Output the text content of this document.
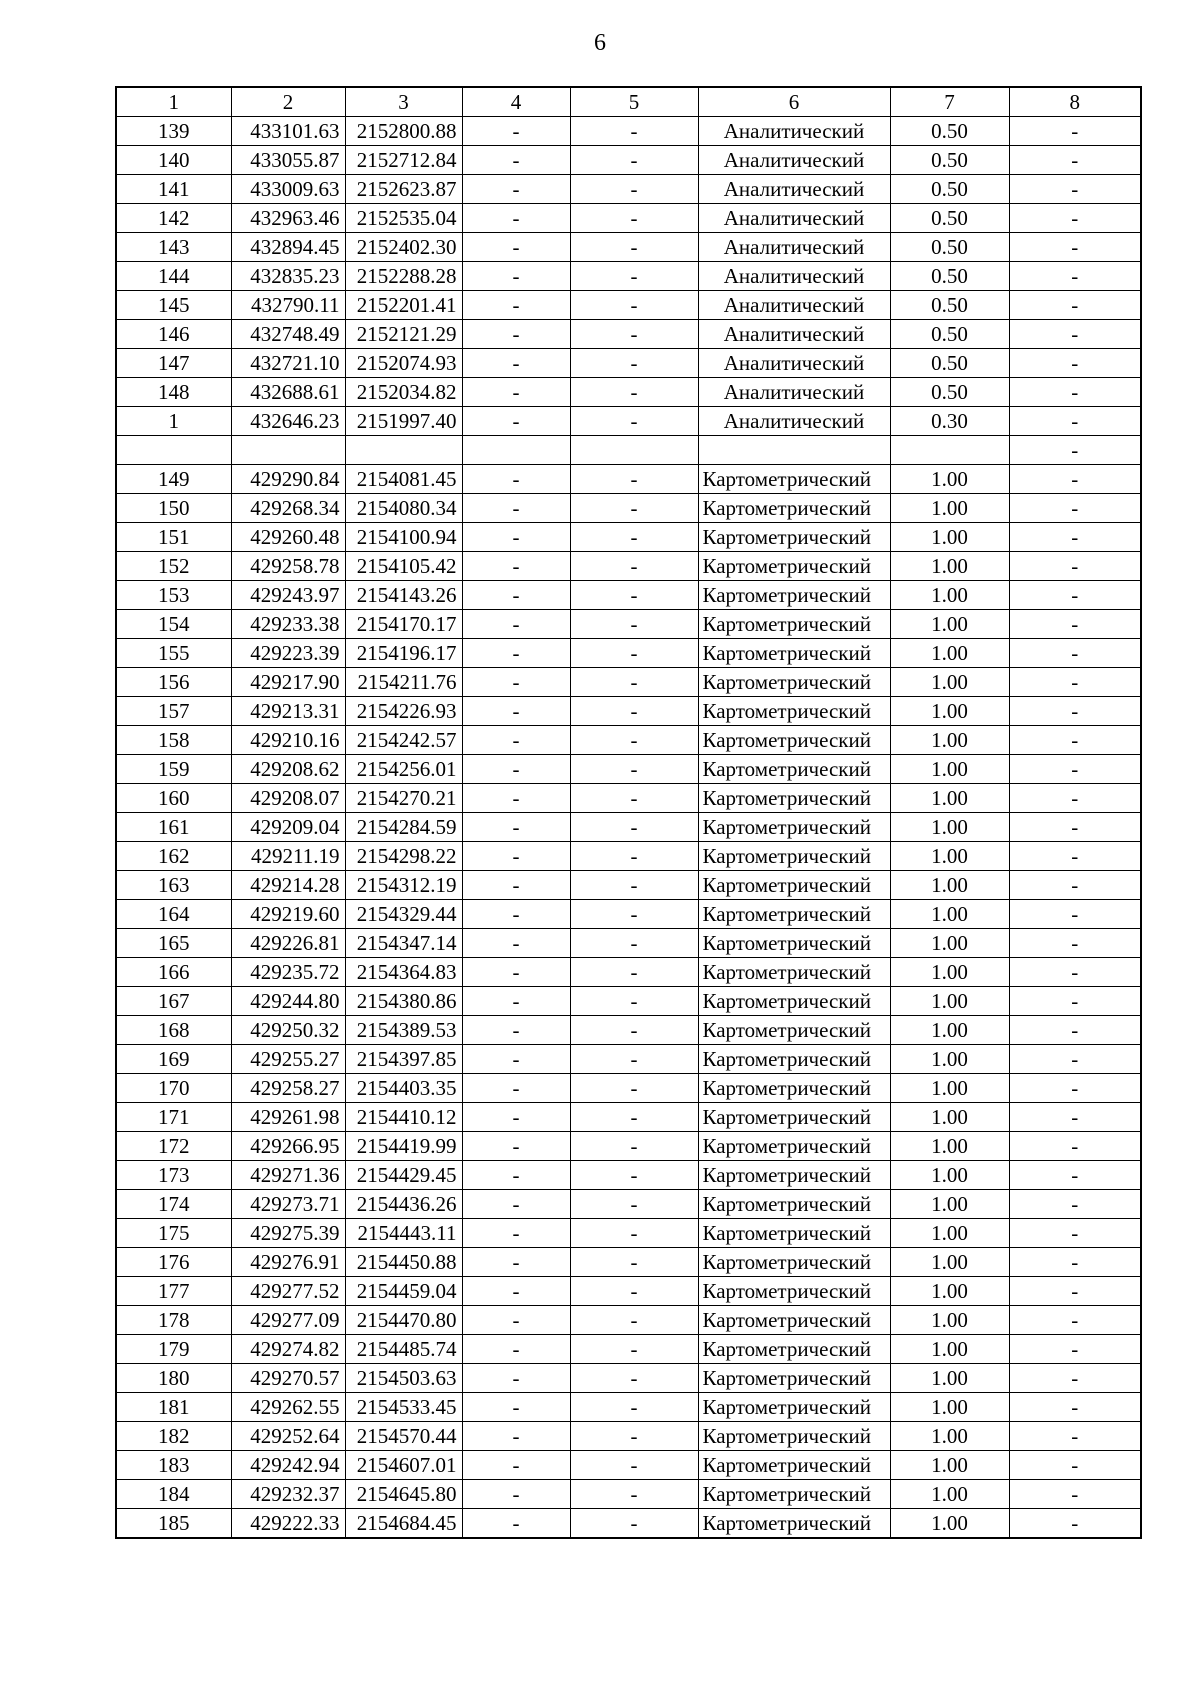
6
1	2	3	4	5	6	7	8
139	433101.63	2152800.88	-	-	Аналитический	0.50	-
140	433055.87	2152712.84	-	-	Аналитический	0.50	-
141	433009.63	2152623.87	-	-	Аналитический	0.50	-
142	432963.46	2152535.04	-	-	Аналитический	0.50	-
143	432894.45	2152402.30	-	-	Аналитический	0.50	-
144	432835.23	2152288.28	-	-	Аналитический	0.50	-
145	432790.11	2152201.41	-	-	Аналитический	0.50	-
146	432748.49	2152121.29	-	-	Аналитический	0.50	-
147	432721.10	2152074.93	-	-	Аналитический	0.50	-
148	432688.61	2152034.82	-	-	Аналитический	0.50	-
1	432646.23	2151997.40	-	-	Аналитический	0.30	-
							-
149	429290.84	2154081.45	-	-	Картометрический	1.00	-
150	429268.34	2154080.34	-	-	Картометрический	1.00	-
151	429260.48	2154100.94	-	-	Картометрический	1.00	-
152	429258.78	2154105.42	-	-	Картометрический	1.00	-
153	429243.97	2154143.26	-	-	Картометрический	1.00	-
154	429233.38	2154170.17	-	-	Картометрический	1.00	-
155	429223.39	2154196.17	-	-	Картометрический	1.00	-
156	429217.90	2154211.76	-	-	Картометрический	1.00	-
157	429213.31	2154226.93	-	-	Картометрический	1.00	-
158	429210.16	2154242.57	-	-	Картометрический	1.00	-
159	429208.62	2154256.01	-	-	Картометрический	1.00	-
160	429208.07	2154270.21	-	-	Картометрический	1.00	-
161	429209.04	2154284.59	-	-	Картометрический	1.00	-
162	429211.19	2154298.22	-	-	Картометрический	1.00	-
163	429214.28	2154312.19	-	-	Картометрический	1.00	-
164	429219.60	2154329.44	-	-	Картометрический	1.00	-
165	429226.81	2154347.14	-	-	Картометрический	1.00	-
166	429235.72	2154364.83	-	-	Картометрический	1.00	-
167	429244.80	2154380.86	-	-	Картометрический	1.00	-
168	429250.32	2154389.53	-	-	Картометрический	1.00	-
169	429255.27	2154397.85	-	-	Картометрический	1.00	-
170	429258.27	2154403.35	-	-	Картометрический	1.00	-
171	429261.98	2154410.12	-	-	Картометрический	1.00	-
172	429266.95	2154419.99	-	-	Картометрический	1.00	-
173	429271.36	2154429.45	-	-	Картометрический	1.00	-
174	429273.71	2154436.26	-	-	Картометрический	1.00	-
175	429275.39	2154443.11	-	-	Картометрический	1.00	-
176	429276.91	2154450.88	-	-	Картометрический	1.00	-
177	429277.52	2154459.04	-	-	Картометрический	1.00	-
178	429277.09	2154470.80	-	-	Картометрический	1.00	-
179	429274.82	2154485.74	-	-	Картометрический	1.00	-
180	429270.57	2154503.63	-	-	Картометрический	1.00	-
181	429262.55	2154533.45	-	-	Картометрический	1.00	-
182	429252.64	2154570.44	-	-	Картометрический	1.00	-
183	429242.94	2154607.01	-	-	Картометрический	1.00	-
184	429232.37	2154645.80	-	-	Картометрический	1.00	-
185	429222.33	2154684.45	-	-	Картометрический	1.00	-
